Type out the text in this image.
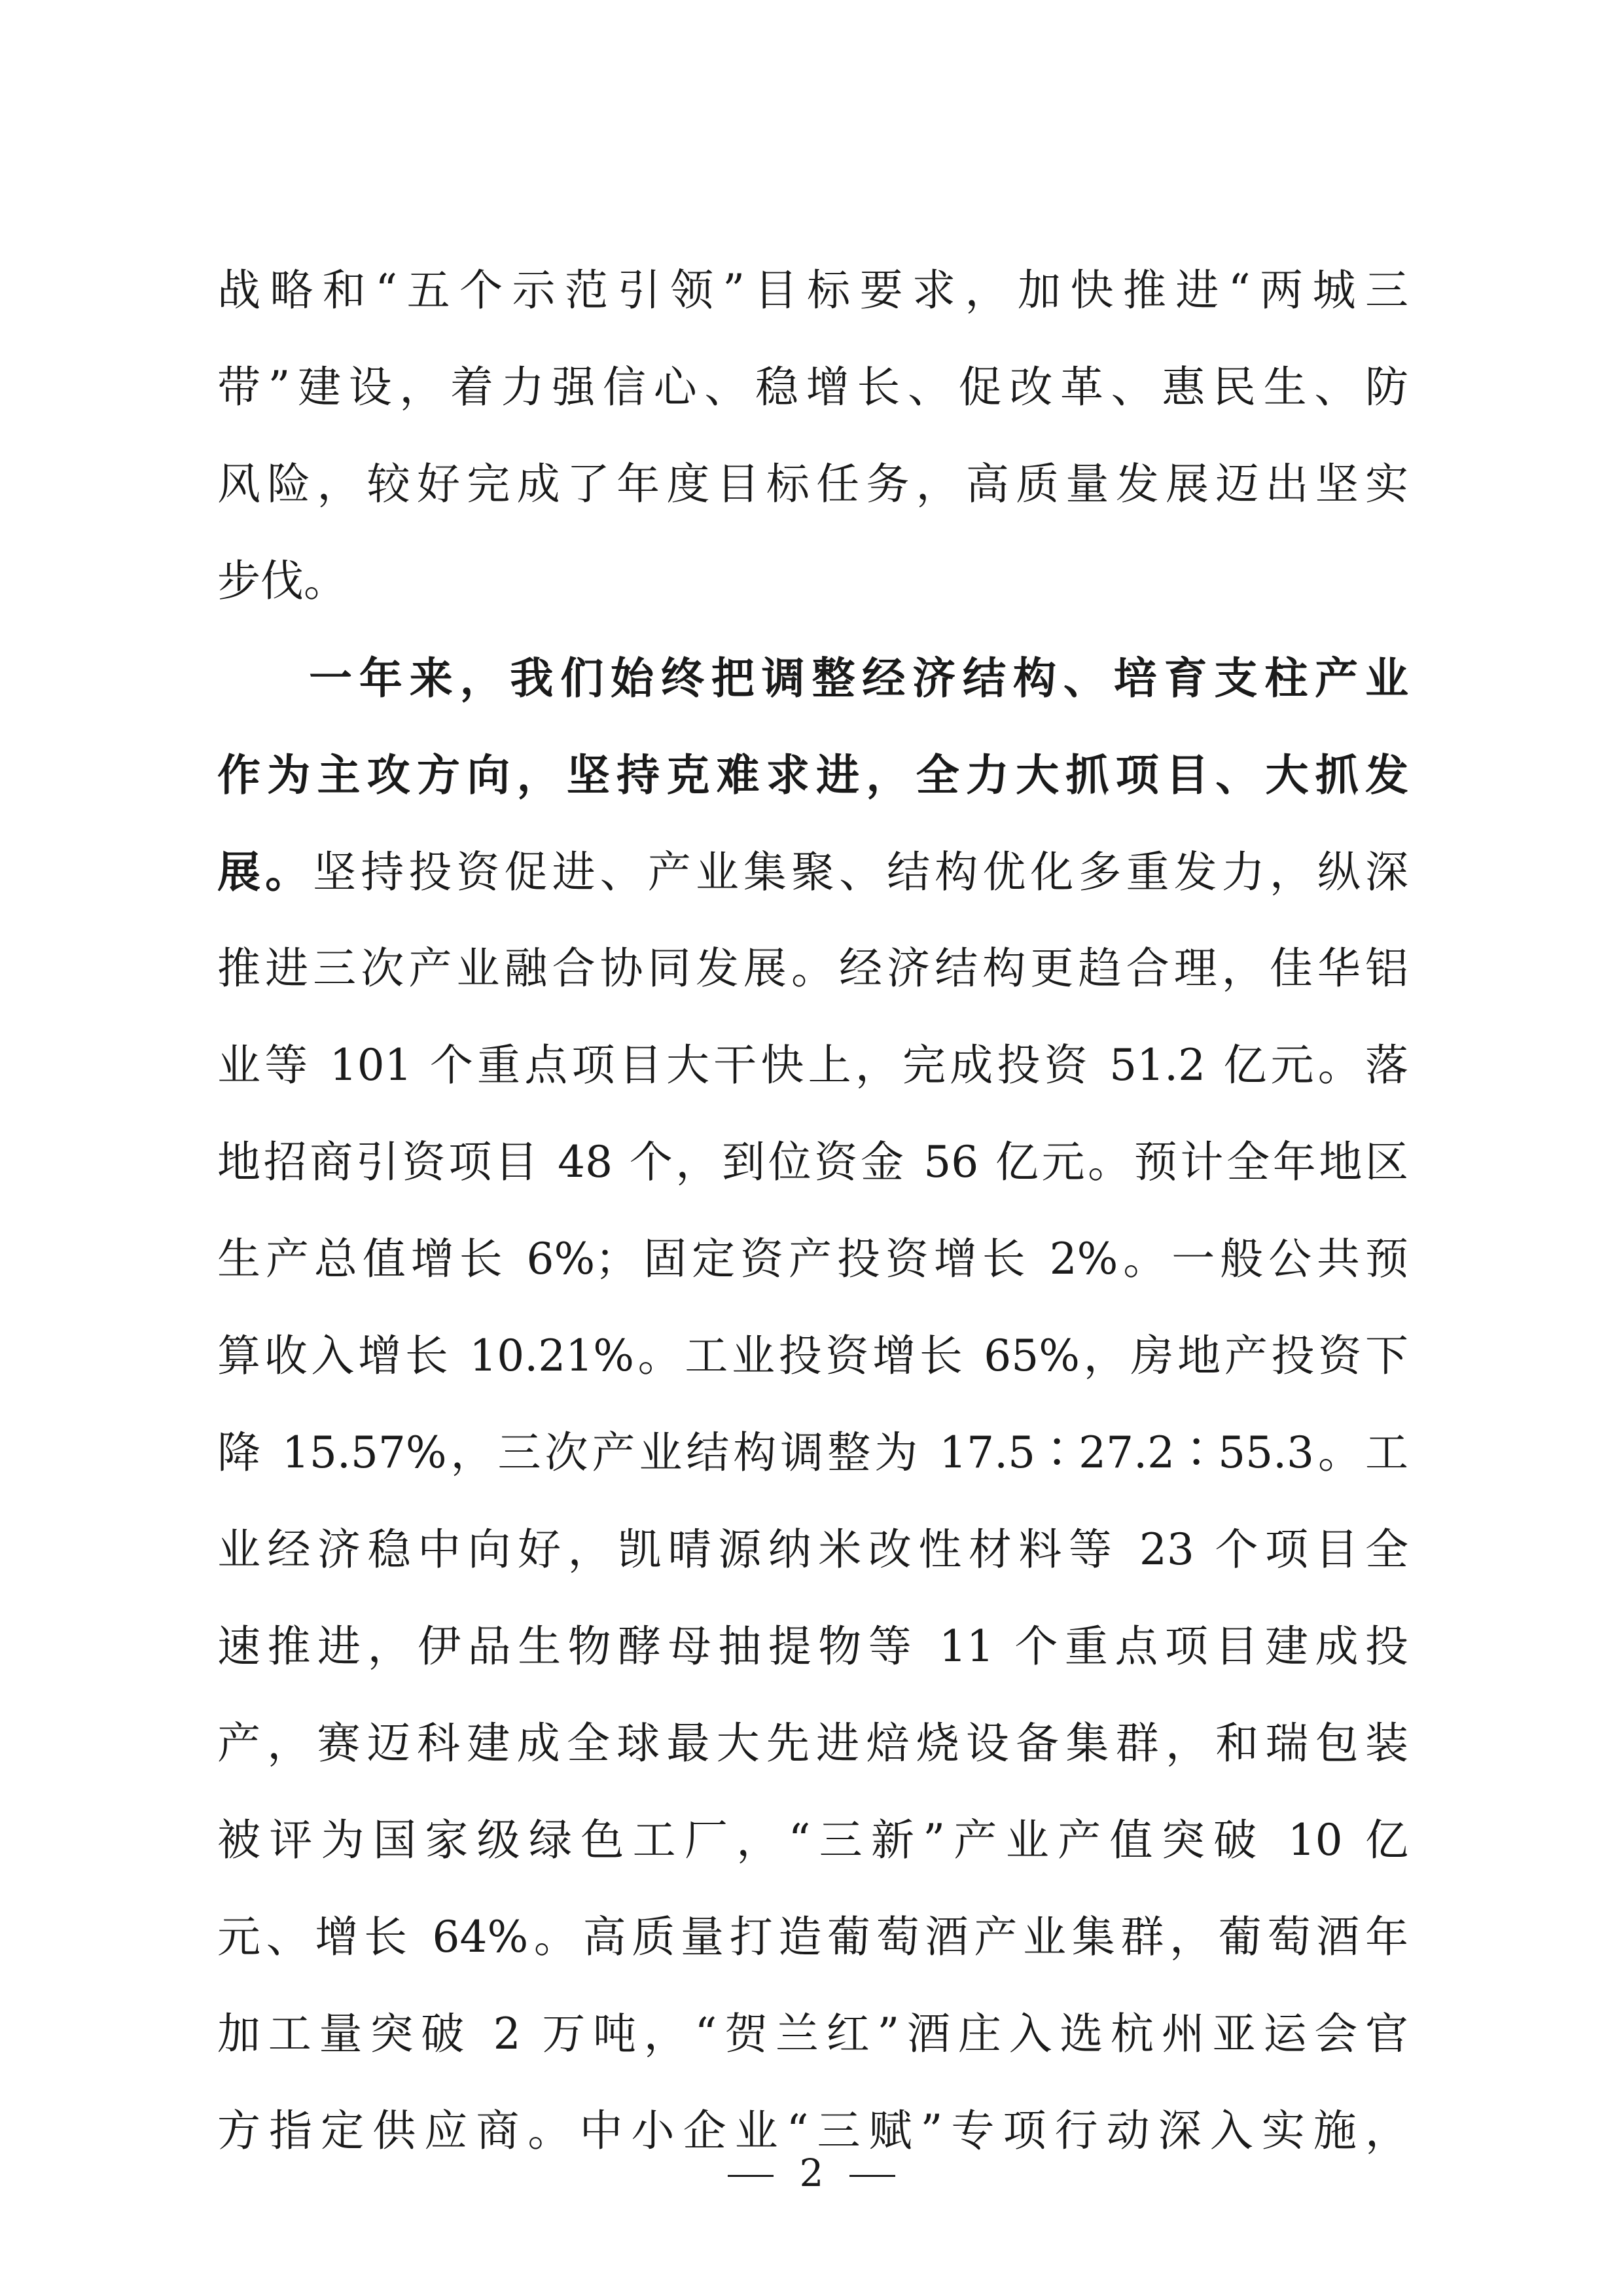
战略和“五个示范引领”目标要求，加快推进“两城三
带”建设，着力强信心、稳增长、促改革、惠民生、防
风险，较好完成了年度目标任务，高质量发展迈出坚实
步伐。
一年来，我们始终把调整经济结构、培育支柱产业
作为主攻方向，坚持克难求进，全力大抓项目、大抓发
展。坚持投资促进、产业集聚、结构优化多重发力，纵深
推进三次产业融合协同发展。经济结构更趋合理，佳华铝
业等 101 个重点项目大干快上，完成投资 51.2 亿元。落
地招商引资项目 48 个，到位资金 56 亿元。预计全年地区
生产总值增长 6%；固定资产投资增长 2%。一般公共预
算收入增长 10.21%。工业投资增长 65%，房地产投资下
降 15.57%，三次产业结构调整为 17.5∶27.2∶55.3。工
业经济稳中向好，凯晴源纳米改性材料等 23 个项目全
速推进，伊品生物酵母抽提物等 11 个重点项目建成投
产，赛迈科建成全球最大先进焙烧设备集群，和瑞包装
被评为国家级绿色工厂，“三新”产业产值突破 10 亿
元、增长 64%。高质量打造葡萄酒产业集群，葡萄酒年
加工量突破 2 万吨，“贺兰红”酒庄入选杭州亚运会官
方指定供应商。中小企业“三赋”专项行动深入实施，
2
